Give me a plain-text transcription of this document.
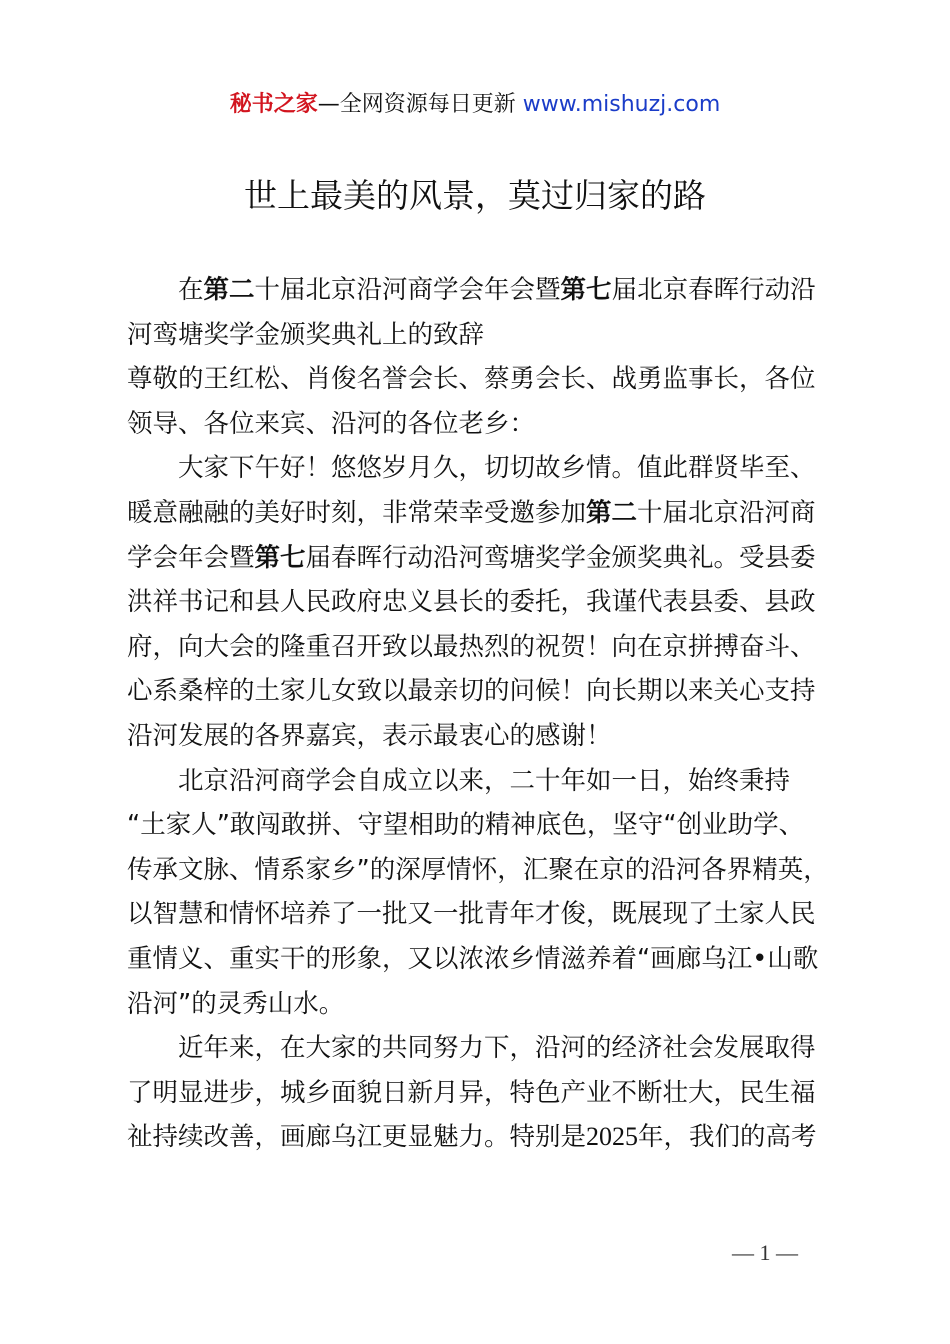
秘书之家—全网资源每日更新 www.mishuzj.com
世上最美的风景，莫过归家的路
在第二十届北京沿河商学会年会暨第七届北京春晖行动沿
河鸾塘奖学金颁奖典礼上的致辞
尊敬的王红松、肖俊名誉会长、蔡勇会长、战勇监事长，各位
领导、各位来宾、沿河的各位老乡：
大家下午好！悠悠岁月久，切切故乡情。值此群贤毕至、
暖意融融的美好时刻，非常荣幸受邀参加第二十届北京沿河商
学会年会暨第七届春晖行动沿河鸾塘奖学金颁奖典礼。受县委
洪祥书记和县人民政府忠义县长的委托，我谨代表县委、县政
府，向大会的隆重召开致以最热烈的祝贺！向在京拼搏奋斗、
心系桑梓的土家儿女致以最亲切的问候！向长期以来关心支持
沿河发展的各界嘉宾，表示最衷心的感谢！
北京沿河商学会自成立以来，二十年如一日，始终秉持
“土家人”敢闯敢拼、守望相助的精神底色，坚守“创业助学、
传承文脉、情系家乡”的深厚情怀，汇聚在京的沿河各界精英，
以智慧和情怀培养了一批又一批青年才俊，既展现了土家人民
重情义、重实干的形象，又以浓浓乡情滋养着“画廊乌江•山歌
沿河”的灵秀山水。
近年来，在大家的共同努力下，沿河的经济社会发展取得
了明显进步，城乡面貌日新月异，特色产业不断壮大，民生福
祉持续改善，画廊乌江更显魅力。特别是2025年，我们的高考
— 1 —
